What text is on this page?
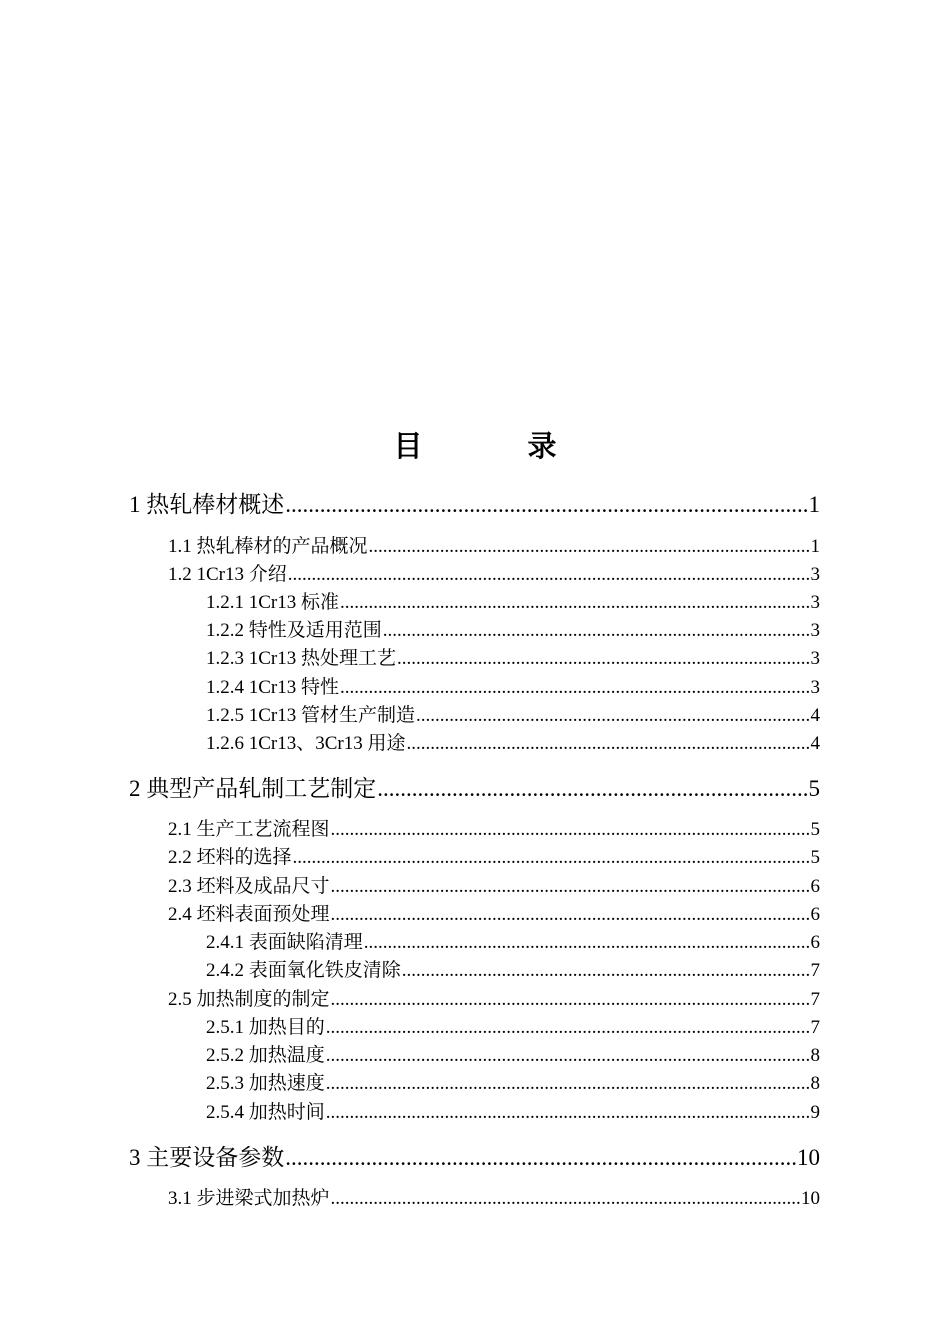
目　录
1 热轧棒材概述 .....	1
1.1 热轧棒材的产品概况 .....	1
1.2 1Cr13 介绍 .....	3
1.2.1 1Cr13 标准 .....	3
1.2.2 特性及适用范围 .....	3
1.2.3 1Cr13 热处理工艺 .....	3
1.2.4 1Cr13 特性 .....	3
1.2.5 1Cr13 管材生产制造 .....	4
1.2.6 1Cr13、3Cr13 用途 .....	4
2 典型产品轧制工艺制定 .....	5
2.1 生产工艺流程图 .....	5
2.2 坯料的选择 .....	5
2.3 坯料及成品尺寸 .....	6
2.4 坯料表面预处理 .....	6
2.4.1 表面缺陷清理 .....	6
2.4.2 表面氧化铁皮清除 .....	7
2.5 加热制度的制定 .....	7
2.5.1 加热目的 .....	7
2.5.2 加热温度 .....	8
2.5.3 加热速度 .....	8
2.5.4 加热时间 .....	9
3 主要设备参数 .....	10
3.1 步进梁式加热炉 .....	10
